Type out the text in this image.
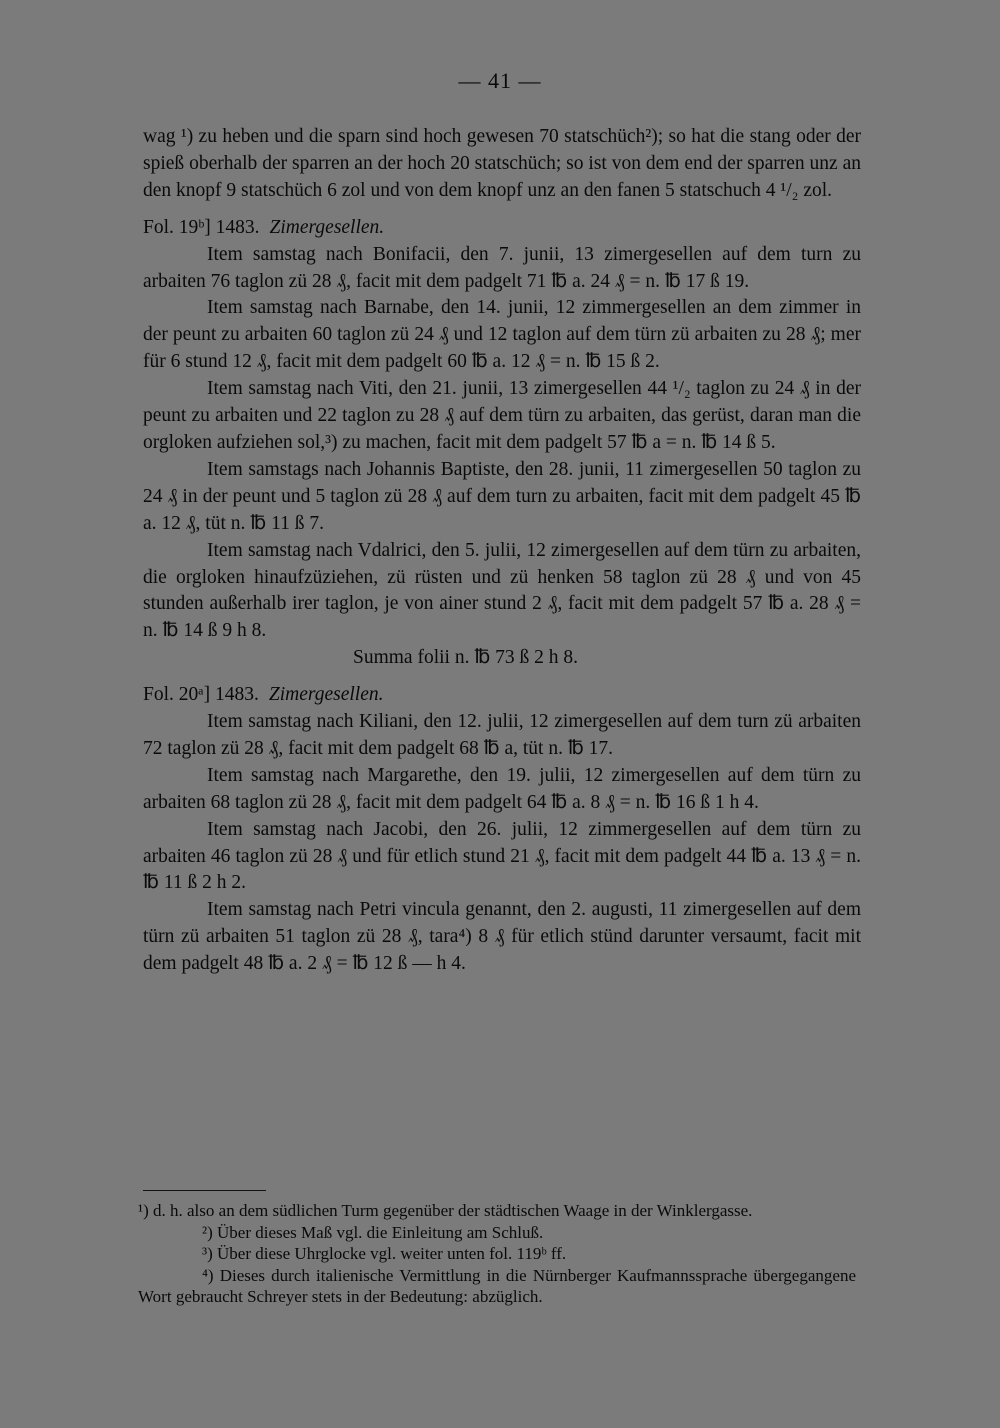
— 41 —

wag ¹) zu heben und die sparn sind hoch gewesen 70 statschüch²); so hat die stang oder der spieß oberhalb der sparren an der hoch 20 statschüch; so ist von dem end der sparren unz an den knopf 9 statschüch 6 zol und von dem knopf unz an den fanen 5 statschuch 4 ¹/₂ zol.

Fol. 19ᵇ] 1483. Zimergesellen.

Item samstag nach Bonifacii, den 7. junii, 13 zimergesellen auf dem turn zu arbaiten 76 taglon zü 28 ₰, facit mit dem padgelt 71 ℔ a. 24 ₰ = n. ℔ 17 ß 19.

Item samstag nach Barnabe, den 14. junii, 12 zimmergesellen an dem zimmer in der peunt zu arbaiten 60 taglon zü 24 ₰ und 12 taglon auf dem türn zü arbaiten zu 28 ₰; mer für 6 stund 12 ₰, facit mit dem padgelt 60 ℔ a. 12 ₰ = n. ℔ 15 ß 2.

Item samstag nach Viti, den 21. junii, 13 zimergesellen 44 ¹/₂ taglon zu 24 ₰ in der peunt zu arbaiten und 22 taglon zu 28 ₰ auf dem türn zu arbaiten, das gerüst, daran man die orgloken aufziehen sol,³) zu machen, facit mit dem padgelt 57 ℔ a = n. ℔ 14 ß 5.

Item samstags nach Johannis Baptiste, den 28. junii, 11 zimergesellen 50 taglon zu 24 ₰ in der peunt und 5 taglon zü 28 ₰ auf dem turn zu arbaiten, facit mit dem padgelt 45 ℔ a. 12 ₰, tüt n. ℔ 11 ß 7.

Item samstag nach Vdalrici, den 5. julii, 12 zimergesellen auf dem türn zu arbaiten, die orgloken hinaufzüziehen, zü rüsten und zü henken 58 taglon zü 28 ₰ und von 45 stunden außerhalb irer taglon, je von ainer stund 2 ₰, facit mit dem padgelt 57 ℔ a. 28 ₰ = n. ℔ 14 ß 9 h 8.

Summa folii n. ℔ 73 ß 2 h 8.

Fol. 20ᵃ] 1483. Zimergesellen.

Item samstag nach Kiliani, den 12. julii, 12 zimergesellen auf dem turn zü arbaiten 72 taglon zü 28 ₰, facit mit dem padgelt 68 ℔ a, tüt n. ℔ 17.

Item samstag nach Margarethe, den 19. julii, 12 zimergesellen auf dem türn zu arbaiten 68 taglon zü 28 ₰, facit mit dem padgelt 64 ℔ a. 8 ₰ = n. ℔ 16 ß 1 h 4.

Item samstag nach Jacobi, den 26. julii, 12 zimmergesellen auf dem türn zu arbaiten 46 taglon zü 28 ₰ und für etlich stund 21 ₰, facit mit dem padgelt 44 ℔ a. 13 ₰ = n. ℔ 11 ß 2 h 2.

Item samstag nach Petri vincula genannt, den 2. augusti, 11 zimergesellen auf dem türn zü arbaiten 51 taglon zü 28 ₰, tara⁴) 8 ₰ für etlich stünd darunter versaumt, facit mit dem padgelt 48 ℔ a. 2 ₰ = ℔ 12 ß — h 4.

¹) d. h. also an dem südlichen Turm gegenüber der städtischen Waage in der Winklergasse.

²) Über dieses Maß vgl. die Einleitung am Schluß.

³) Über diese Uhrglocke vgl. weiter unten fol. 119ᵇ ff.

⁴) Dieses durch italienische Vermittlung in die Nürnberger Kaufmannssprache übergegangene Wort gebraucht Schreyer stets in der Bedeutung: abzüglich.
